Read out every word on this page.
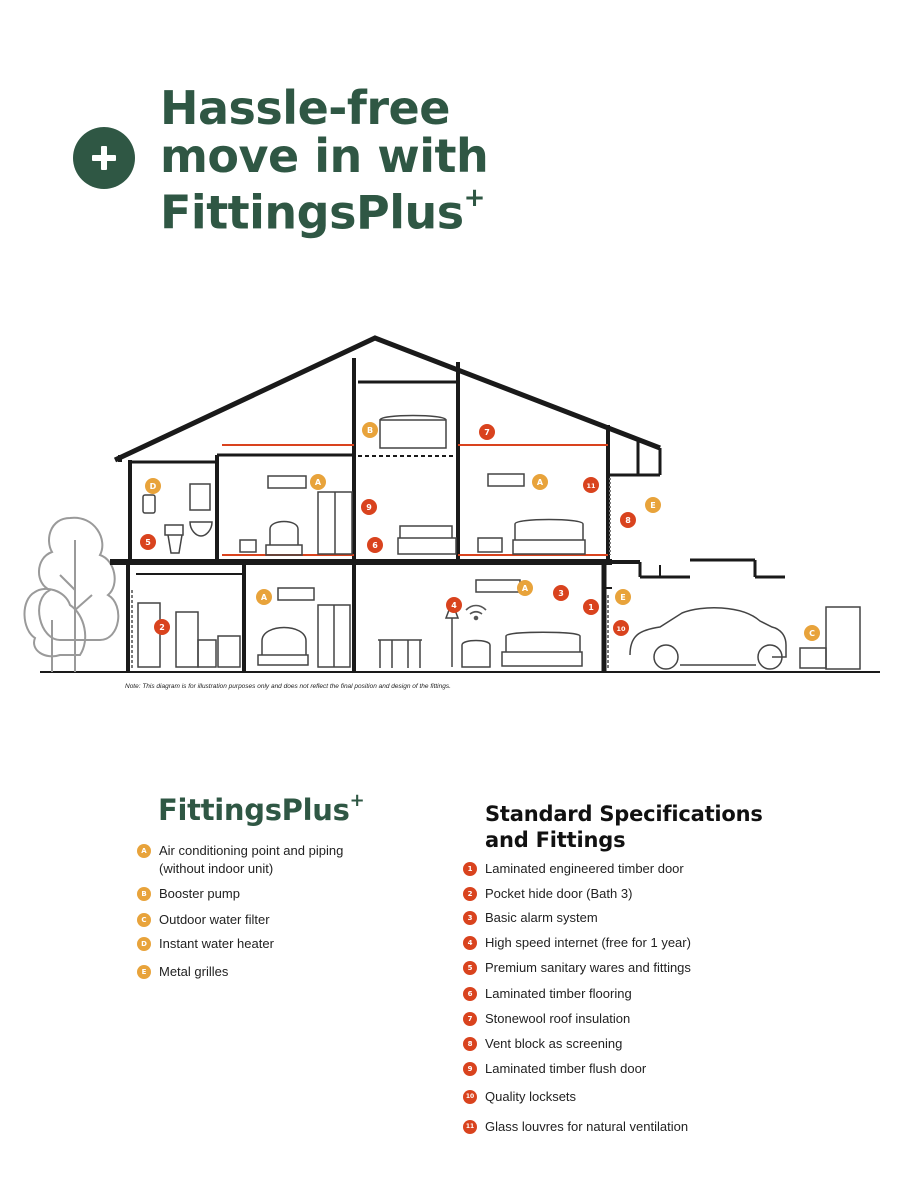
Hassle-free
move in with
FittingsPlus+
A	A
A
A
B
C
D
E
E
1
2
3
4
5	6
7
8
9
10
11
Note: This diagram is for illustration purposes only and does not reflect the final position and design of the fittings.
FittingsPlus+
A Air conditioning point and piping (without indoor unit)
B Booster pump
C Outdoor water filter
D Instant water heater
E Metal grilles
Standard Specifications
and Fittings
1 Laminated engineered timber door
2 Pocket hide door (Bath 3)
3 Basic alarm system
4 High speed internet (free for 1 year)
5 Premium sanitary wares and fittings
6 Laminated timber flooring
7 Stonewool roof insulation
8 Vent block as screening
9 Laminated timber flush door
10 Quality locksets
11 Glass louvres for natural ventilation
